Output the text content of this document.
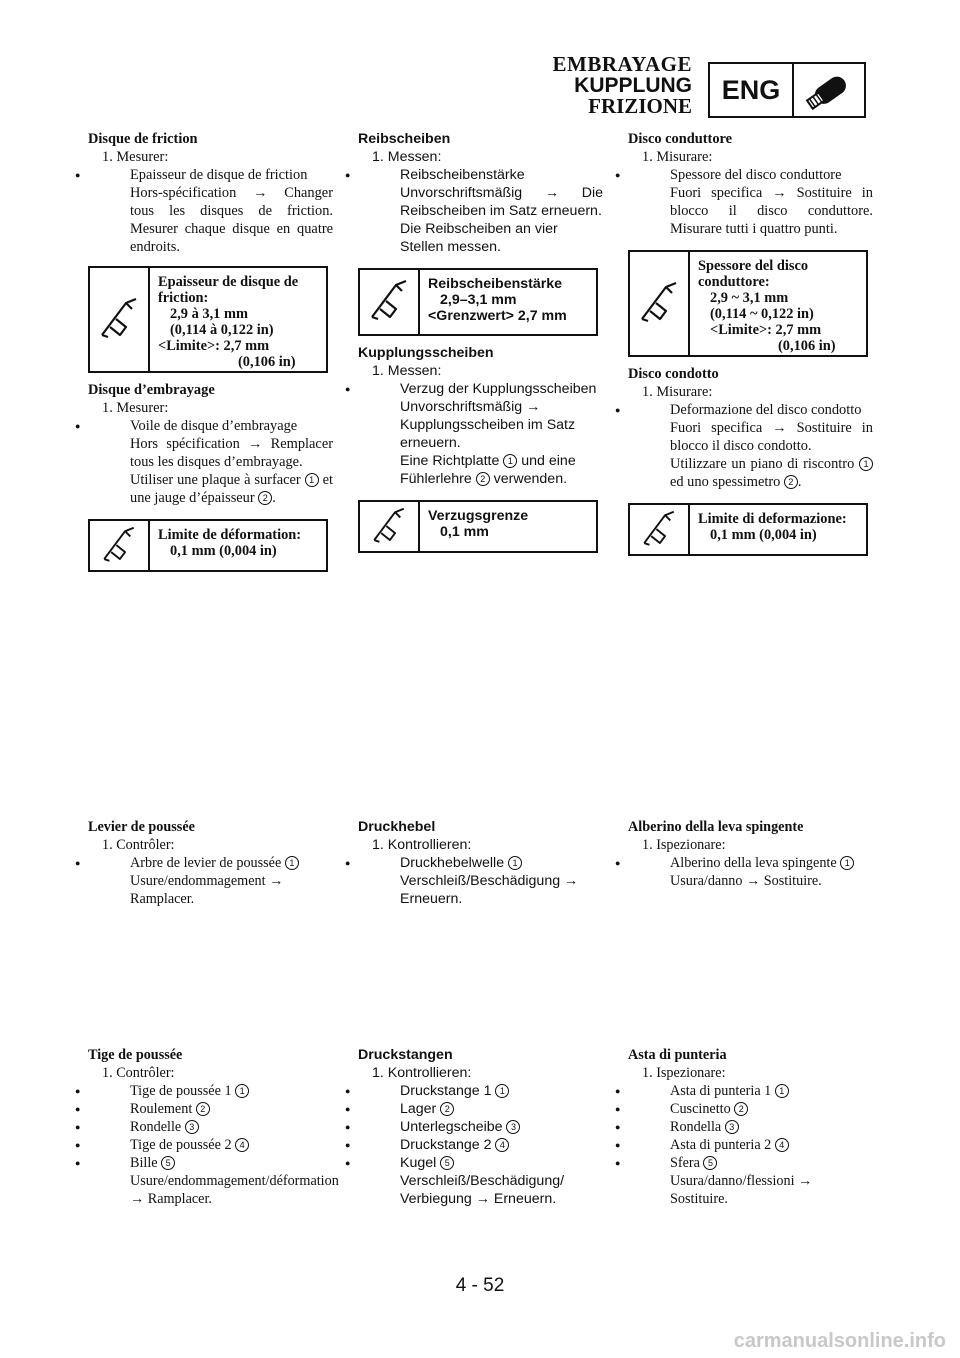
EMBRAYAGE
KUPPLUNG
FRIZIONE
ENG
Disque de friction
1. Mesurer:
● Epaisseur de disque de friction
Hors-spécification → Changer tous les disques de friction. Mesurer chaque disque en quatre endroits.
Epaisseur de disque de friction:
2,9 à 3,1 mm
(0,114 à 0,122 in)
<Limite>: 2,7 mm
(0,106 in)
Disque d’embrayage
1. Mesurer:
● Voile de disque d’embrayage
Hors spécification → Remplacer tous les disques d’embrayage.
Utiliser une plaque à surfacer 1 et une jauge d’épaisseur 2 .
Limite de déformation:
0,1 mm (0,004 in)
Reibscheiben
1. Messen:
● Reibscheibenstärke
Unvorschriftsmäßig → Die Reibscheiben im Satz erneuern.
Die Reibscheiben an vier Stellen messen.
Reibscheibenstärke
2,9–3,1 mm
<Grenzwert> 2,7 mm
Kupplungsscheiben
1. Messen:
● Verzug der Kupplungsscheiben
Unvorschriftsmäßig → Kupplungsscheiben im Satz erneuern.
Eine Richtplatte 1 und eine Fühlerlehre 2 verwenden.
Verzugsgrenze
0,1 mm
Disco conduttore
1. Misurare:
● Spessore del disco conduttore
Fuori specifica → Sostituire in blocco il disco conduttore. Misurare tutti i quattro punti.
Spessore del disco conduttore:
2,9 ~ 3,1 mm
(0,114 ~ 0,122 in)
<Limite>: 2,7 mm
(0,106 in)
Disco condotto
1. Misurare:
● Deformazione del disco condotto
Fuori specifica → Sostituire in blocco il disco condotto.
Utilizzare un piano di riscontro 1 ed uno spessimetro 2 .
Limite di deformazione:
0,1 mm (0,004 in)
Levier de poussée
1. Contrôler:
● Arbre de levier de poussée 1
Usure/endommagement → Ramplacer.
Druckhebel
1. Kontrollieren:
● Druckhebelwelle 1
Verschleiß/Beschädigung → Erneuern.
Alberino della leva spingente
1. Ispezionare:
● Alberino della leva spingente 1
Usura/danno → Sostituire.
Tige de poussée
1. Contrôler:
● Tige de poussée 1 1
● Roulement 2
● Rondelle 3
● Tige de poussée 2 4
● Bille 5
Usure/endommagement/déformation → Ramplacer.
Druckstangen
1. Kontrollieren:
● Druckstange 1 1
● Lager 2
● Unterlegscheibe 3
● Druckstange 2 4
● Kugel 5
Verschleiß/Beschädigung/ Verbiegung → Erneuern.
Asta di punteria
1. Ispezionare:
● Asta di punteria 1 1
● Cuscinetto 2
● Rondella 3
● Asta di punteria 2 4
● Sfera 5
Usura/danno/flessioni → Sostituire.
4 - 52
carmanualsonline.info
